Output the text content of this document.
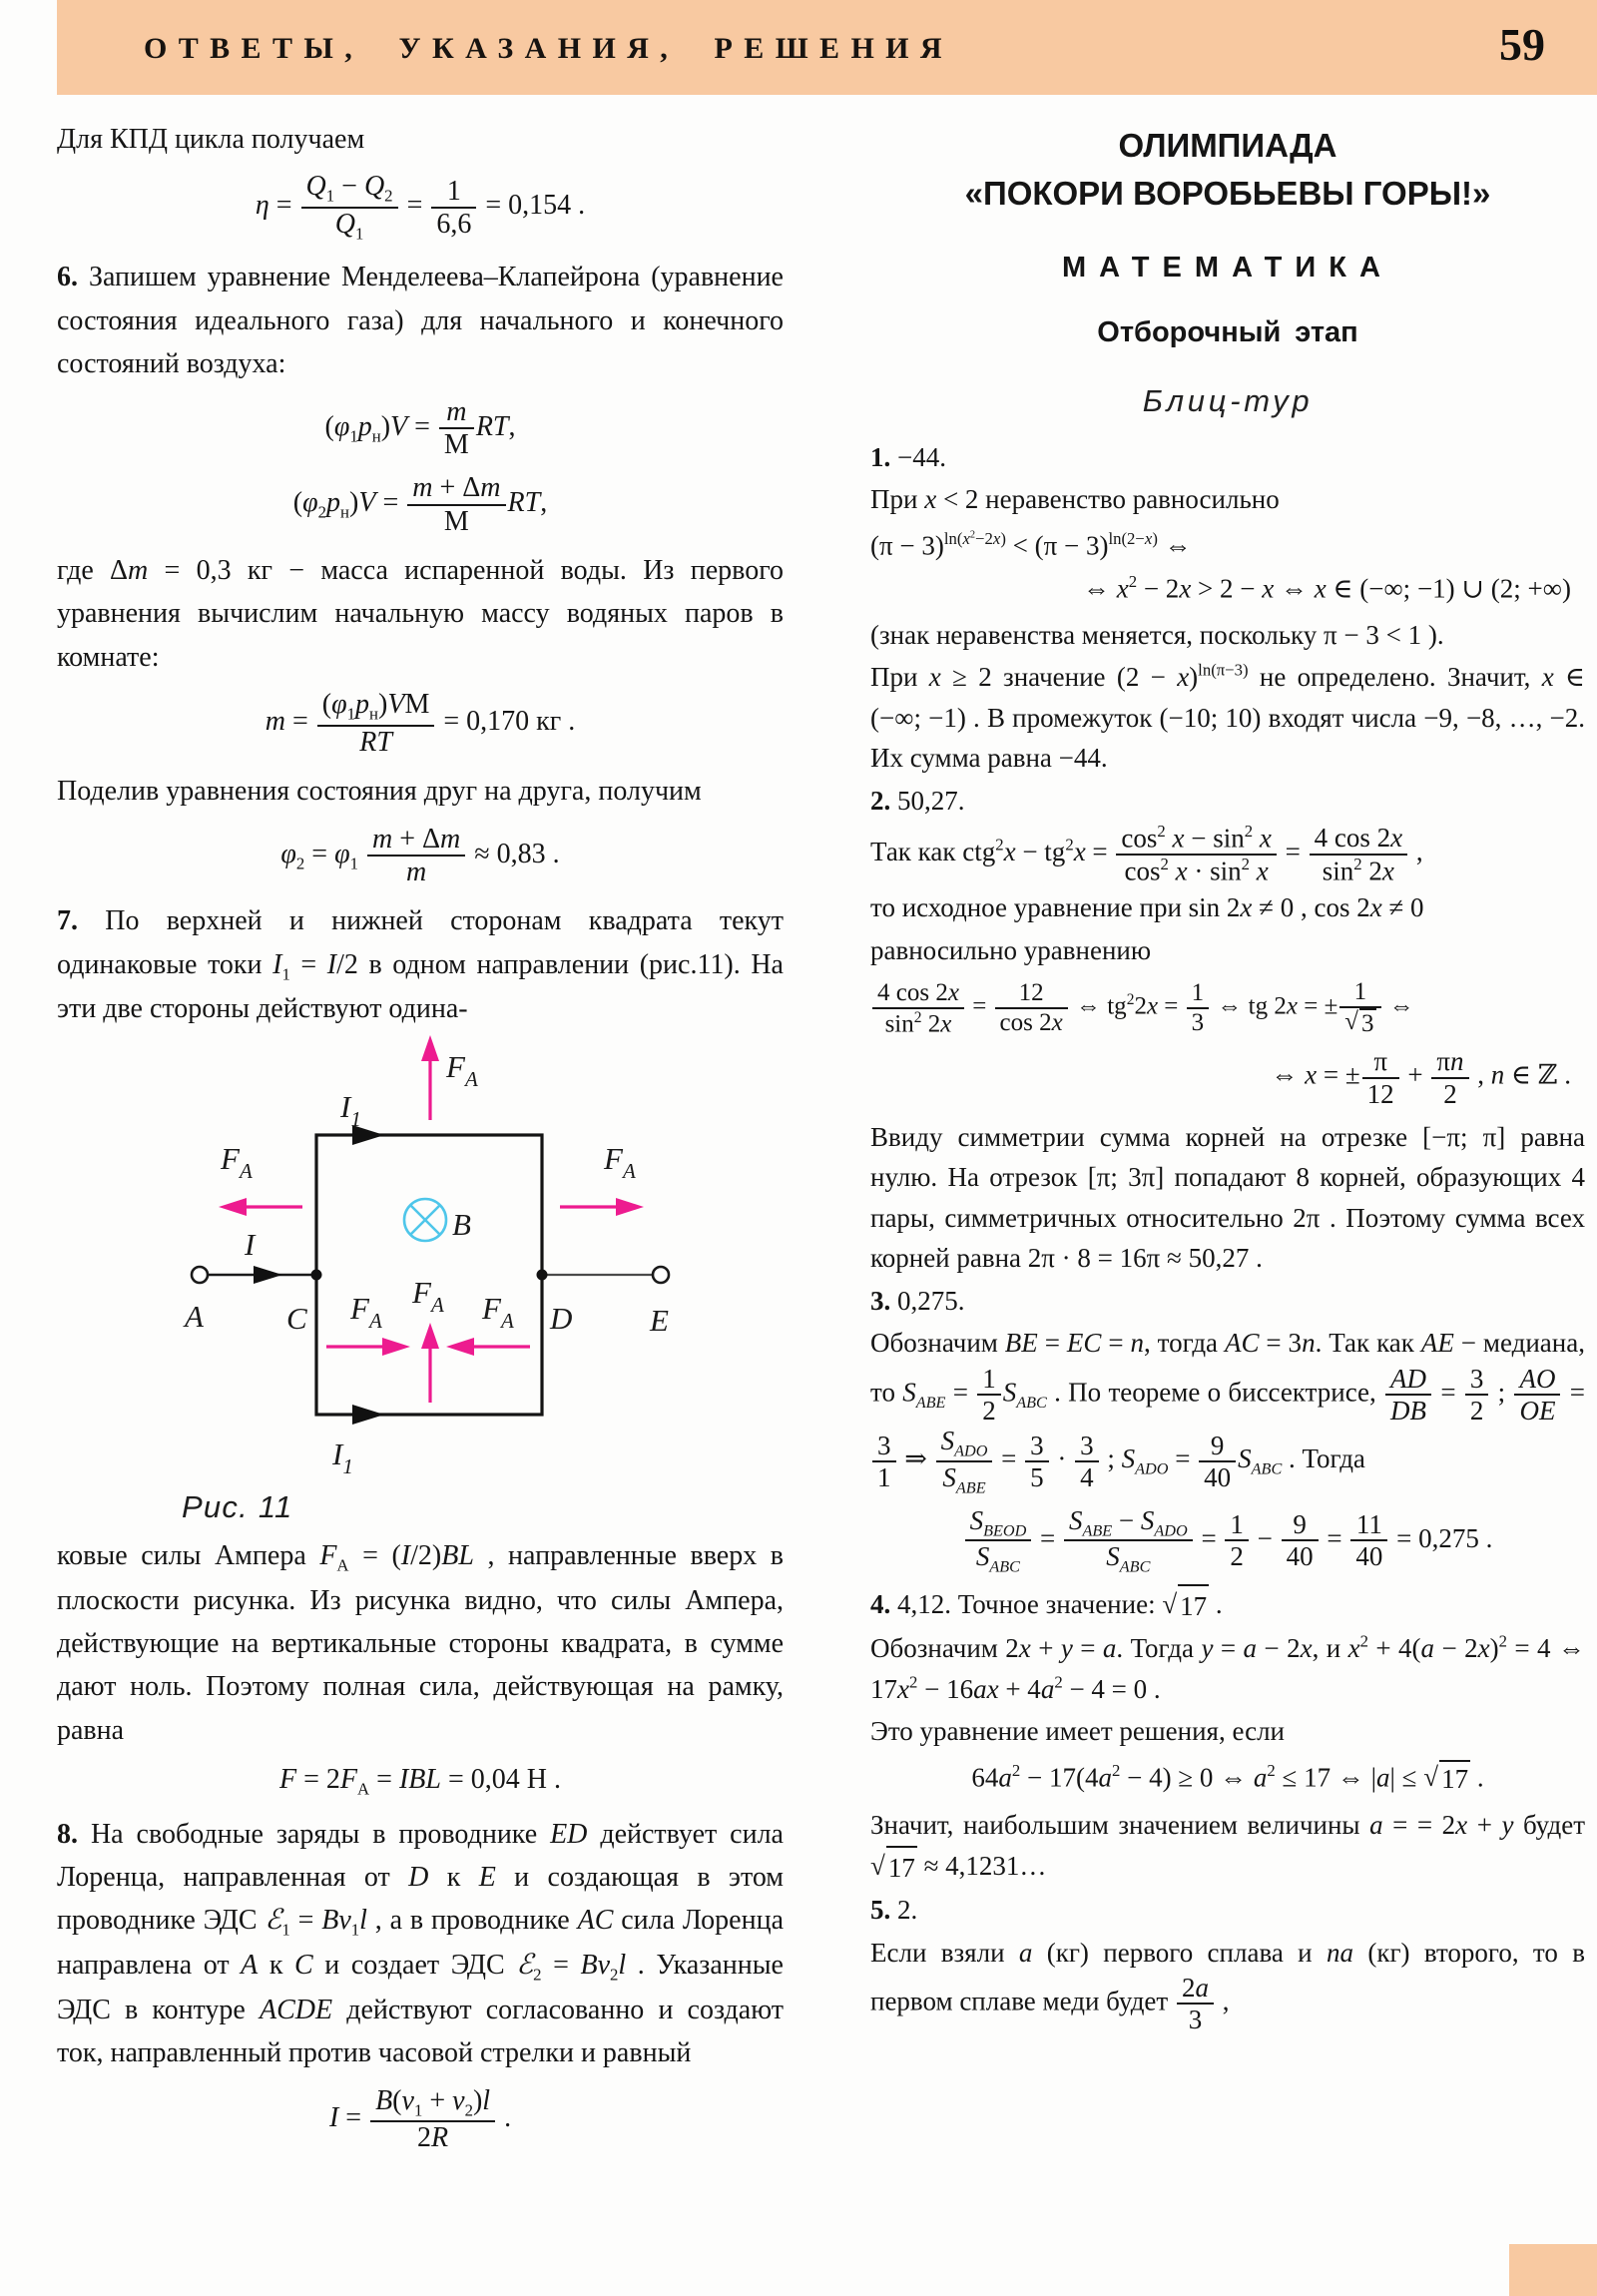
ОТВЕТЫ, УКАЗАНИЯ, РЕШЕНИЯ	59

Для КПД цикла получаем

$\eta = \frac{Q_1 - Q_2}{Q_1} = \frac{1}{6,6} = 0,154$ .

6. Запишем уравнение Менделеева–Клапейрона (уравнение состояния идеального газа) для начального и конечного состояний воздуха:

$(\varphi_1p_н)V = \frac{m}{М}$ RT,
$(\varphi_2p_н)V = \frac{m + \Delta m}{М}$ RT,

где Δm = 0,3 кг − масса испаренной воды. Из первого уравнения вычислим начальную массу водяных паров в комнате:

$m = \frac{(\varphi_1p_н)VМ}{RT} = 0,170$ кг .

Поделив уравнения состояния друг на друга, получим

$\varphi_2 = \varphi_1 \frac{m + \Delta m}{m} \approx 0,83$ .

7. По верхней и нижней сторонам квадрата текут одинаковые токи $I_1 = I/2$ в одном направлении (рис.11). На эти две стороны действуют одина-

$F_А$
$F_А$	$F_А$
$F_А$
$F_А$ $F_А$
$I_1$
$I_1$
I
A	C	D	E
B
Рис. 11

ковые силы Ампера $F_А = (I/2)BL$ , направленные вверх в плоскости рисунка. Из рисунка видно, что силы Ампера, действующие на вертикальные стороны квадрата, в сумме дают ноль. Поэтому полная сила, действующая на рамку, равна

$F = 2F_А$ = IBL = 0,04 Н .

8. На свободные заряды в проводнике ED действует сила Лоренца, направленная от D к E и создающая в этом проводнике ЭДС ℰ$_1$ = $Bv_1l$ , а в проводнике AC сила Лоренца направлена от A к C и создает ЭДС ℰ$_2$ = $Bv_2l$ . Указанные ЭДС в контуре ACDE действуют согласованно и создают ток, направленный против часовой стрелки и равный

$I = \frac{B(v_1 + v_2)l}{2R}$ .
ОЛИМПИАДА
«ПОКОРИ ВОРОБЬЕВЫ ГОРЫ!»
МАТЕМАТИКА
Отборочный этап
Блиц-тур

1. −44.

При x < 2 неравенство равносильно

$(\pi - 3)^{ln(x^2-2x)} < (\pi - 3)^{ln(2-x)}$ ⇔
⇔ $x^2 - 2x > 2 - x$ ⇔ x ∈ (−∞; −1) ∪ (2; +∞)

(знак неравенства меняется, поскольку π − 3 < 1 ).

При x ≥ 2 значение $(2 - x)^{ln(\pi-3)}$ не определено. Значит, x ∈ (−∞; −1) . В промежуток (−10; 10) входят числа −9, −8, …, −2. Их сумма равна −44.

2. 50,27.

Так как $ctg^2x - tg^2x = \frac{\cos^2 x - \sin^2 x}{\cos^2 x \cdot \sin^2 x} = \frac{4 \cos 2x}{\sin^2 2x}$ ,

то исходное уравнение при sin 2x ≠ 0 , cos 2x ≠ 0

равносильно уравнению

$\frac{4 \cos 2x}{\sin^2 2x} = \frac{12}{\cos 2x}$ ⇔ $tg^22x = \frac{1}{3}$ ⇔ tg 2x = ± $\frac{1}{√ 3}$ ⇔
⇔ x = ± $\frac{\pi}{12} + \frac{\pi n}{2}$ , n ∈ ℤ .

Ввиду симметрии сумма корней на отрезке [−π; π] равна нулю. На отрезок [π; 3π] попадают 8 корней, образующих 4 пары, симметричных относительно 2π . Поэтому сумма всех корней равна 2π · 8 = 16π ≈ 50,27 .

3. 0,275.

Обозначим BE = EC = n, тогда AC = 3n. Так как AE − медиана, то $S_{ABE} = \frac{1}{2} S_{ABC}$ . По теореме о биссектрисе, $\frac{AD}{DB} = \frac{3}{2}$ ; $\frac{AO}{OE}$ =
$\frac{3}{1}$ ⇒ $\frac{S_{ADO}}{S_{ABE}} = \frac{3}{5} \cdot \frac{3}{4}$ ; $S_{ADO} = \frac{9}{40} S_{ABC}$ . Тогда

$\frac{S_{BEOD}}{S_{ABC}} = \frac{S_{ABE} - S_{ADO}}{S_{ABC}} = \frac{1}{2} - \frac{9}{40} = \frac{11}{40} = 0,275$ .

4. 4,12. Точное значение: √ 17 .

Обозначим 2x + y = a. Тогда y = a − 2x, и $x^2 + 4(a - 2x)^2 = 4$ ⇔ $17x^2 - 16ax + 4a^2 - 4 = 0$ .

Это уравнение имеет решения, если

$64a^2 - 17(4a^2 - 4) \ge 0$ ⇔ $a^2 \le 17$ ⇔ |a| ≤ √ 17 .

Значит, наибольшим значением величины a = = 2x + y будет
√ 17 ≈ 4,1231…

5. 2.

Если взяли a (кг) первого сплава и na (кг) второго, то в первом сплаве меди будет $\frac{2a}{3}$ ,
